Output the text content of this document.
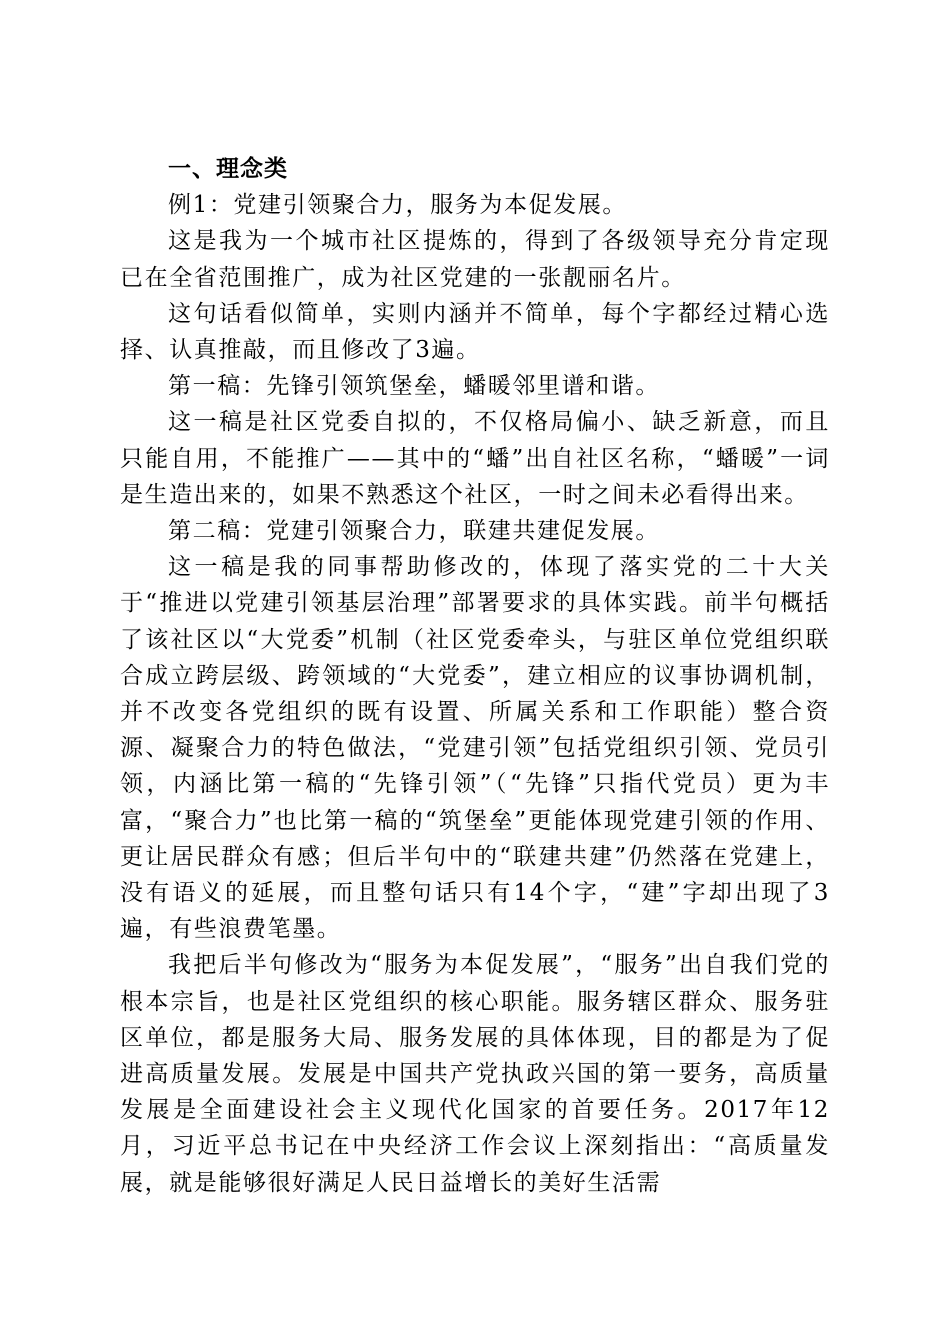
一、理念类

例1：党建引领聚合力，服务为本促发展。

这是我为一个城市社区提炼的，得到了各级领导充分肯定现已在全省范围推广，成为社区党建的一张靓丽名片。

这句话看似简单，实则内涵并不简单，每个字都经过精心选择、认真推敲，而且修改了3遍。

第一稿：先锋引领筑堡垒，蟠暖邻里谱和谐。

这一稿是社区党委自拟的，不仅格局偏小、缺乏新意，而且只能自用，不能推广——其中的“蟠”出自社区名称，“蟠暖”一词是生造出来的，如果不熟悉这个社区，一时之间未必看得出来。

第二稿：党建引领聚合力，联建共建促发展。

这一稿是我的同事帮助修改的，体现了落实党的二十大关于“推进以党建引领基层治理”部署要求的具体实践。前半句概括了该社区以“大党委”机制（社区党委牵头，与驻区单位党组织联合成立跨层级、跨领域的“大党委”，建立相应的议事协调机制，并不改变各党组织的既有设置、所属关系和工作职能）整合资源、凝聚合力的特色做法，“党建引领”包括党组织引领、党员引领，内涵比第一稿的“先锋引领”（“先锋”只指代党员）更为丰富，“聚合力”也比第一稿的“筑堡垒”更能体现党建引领的作用、更让居民群众有感；但后半句中的“联建共建”仍然落在党建上，没有语义的延展，而且整句话只有14个字，“建”字却出现了3遍，有些浪费笔墨。

我把后半句修改为“服务为本促发展”，“服务”出自我们党的根本宗旨，也是社区党组织的核心职能。服务辖区群众、服务驻区单位，都是服务大局、服务发展的具体体现，目的都是为了促进高质量发展。发展是中国共产党执政兴国的第一要务，高质量发展是全面建设社会主义现代化国家的首要任务。2017年12月，习近平总书记在中央经济工作会议上深刻指出：“高质量发展，就是能够很好满足人民日益增长的美好生活需
